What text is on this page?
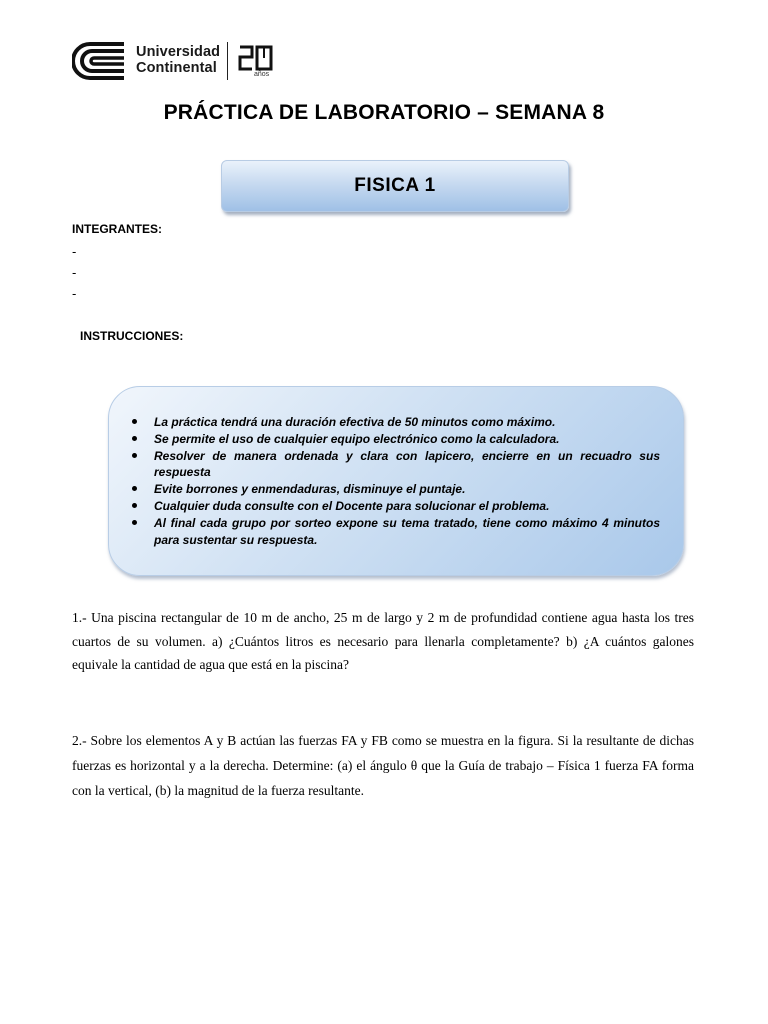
Universidad
Continental	años
PRÁCTICA DE LABORATORIO – SEMANA 8
FISICA 1
INTEGRANTES:
-
-
-
INSTRUCCIONES:
La práctica tendrá una duración efectiva de 50 minutos como máximo.
Se permite el uso de cualquier equipo electrónico como la calculadora.
Resolver de manera ordenada y clara con lapicero, encierre en un recuadro sus respuesta
Evite borrones y enmendaduras, disminuye el puntaje.
Cualquier duda consulte con el Docente para solucionar el problema.
Al final cada grupo por sorteo expone su tema tratado, tiene como máximo 4 minutos para sustentar su respuesta.
1.- Una piscina rectangular de 10 m de ancho, 25 m de largo y 2 m de profundidad contiene agua hasta los tres cuartos de su volumen. a) ¿Cuántos litros es necesario para llenarla completamente? b) ¿A cuántos galones equivale la cantidad de agua que está en la piscina?
2.- Sobre los elementos A y B actúan las fuerzas FA y FB como se muestra en la figura. Si la resultante de dichas fuerzas es horizontal y a la derecha. Determine: (a) el ángulo θ que la Guía de trabajo – Física 1 fuerza FA forma con la vertical, (b) la magnitud de la fuerza resultante.
